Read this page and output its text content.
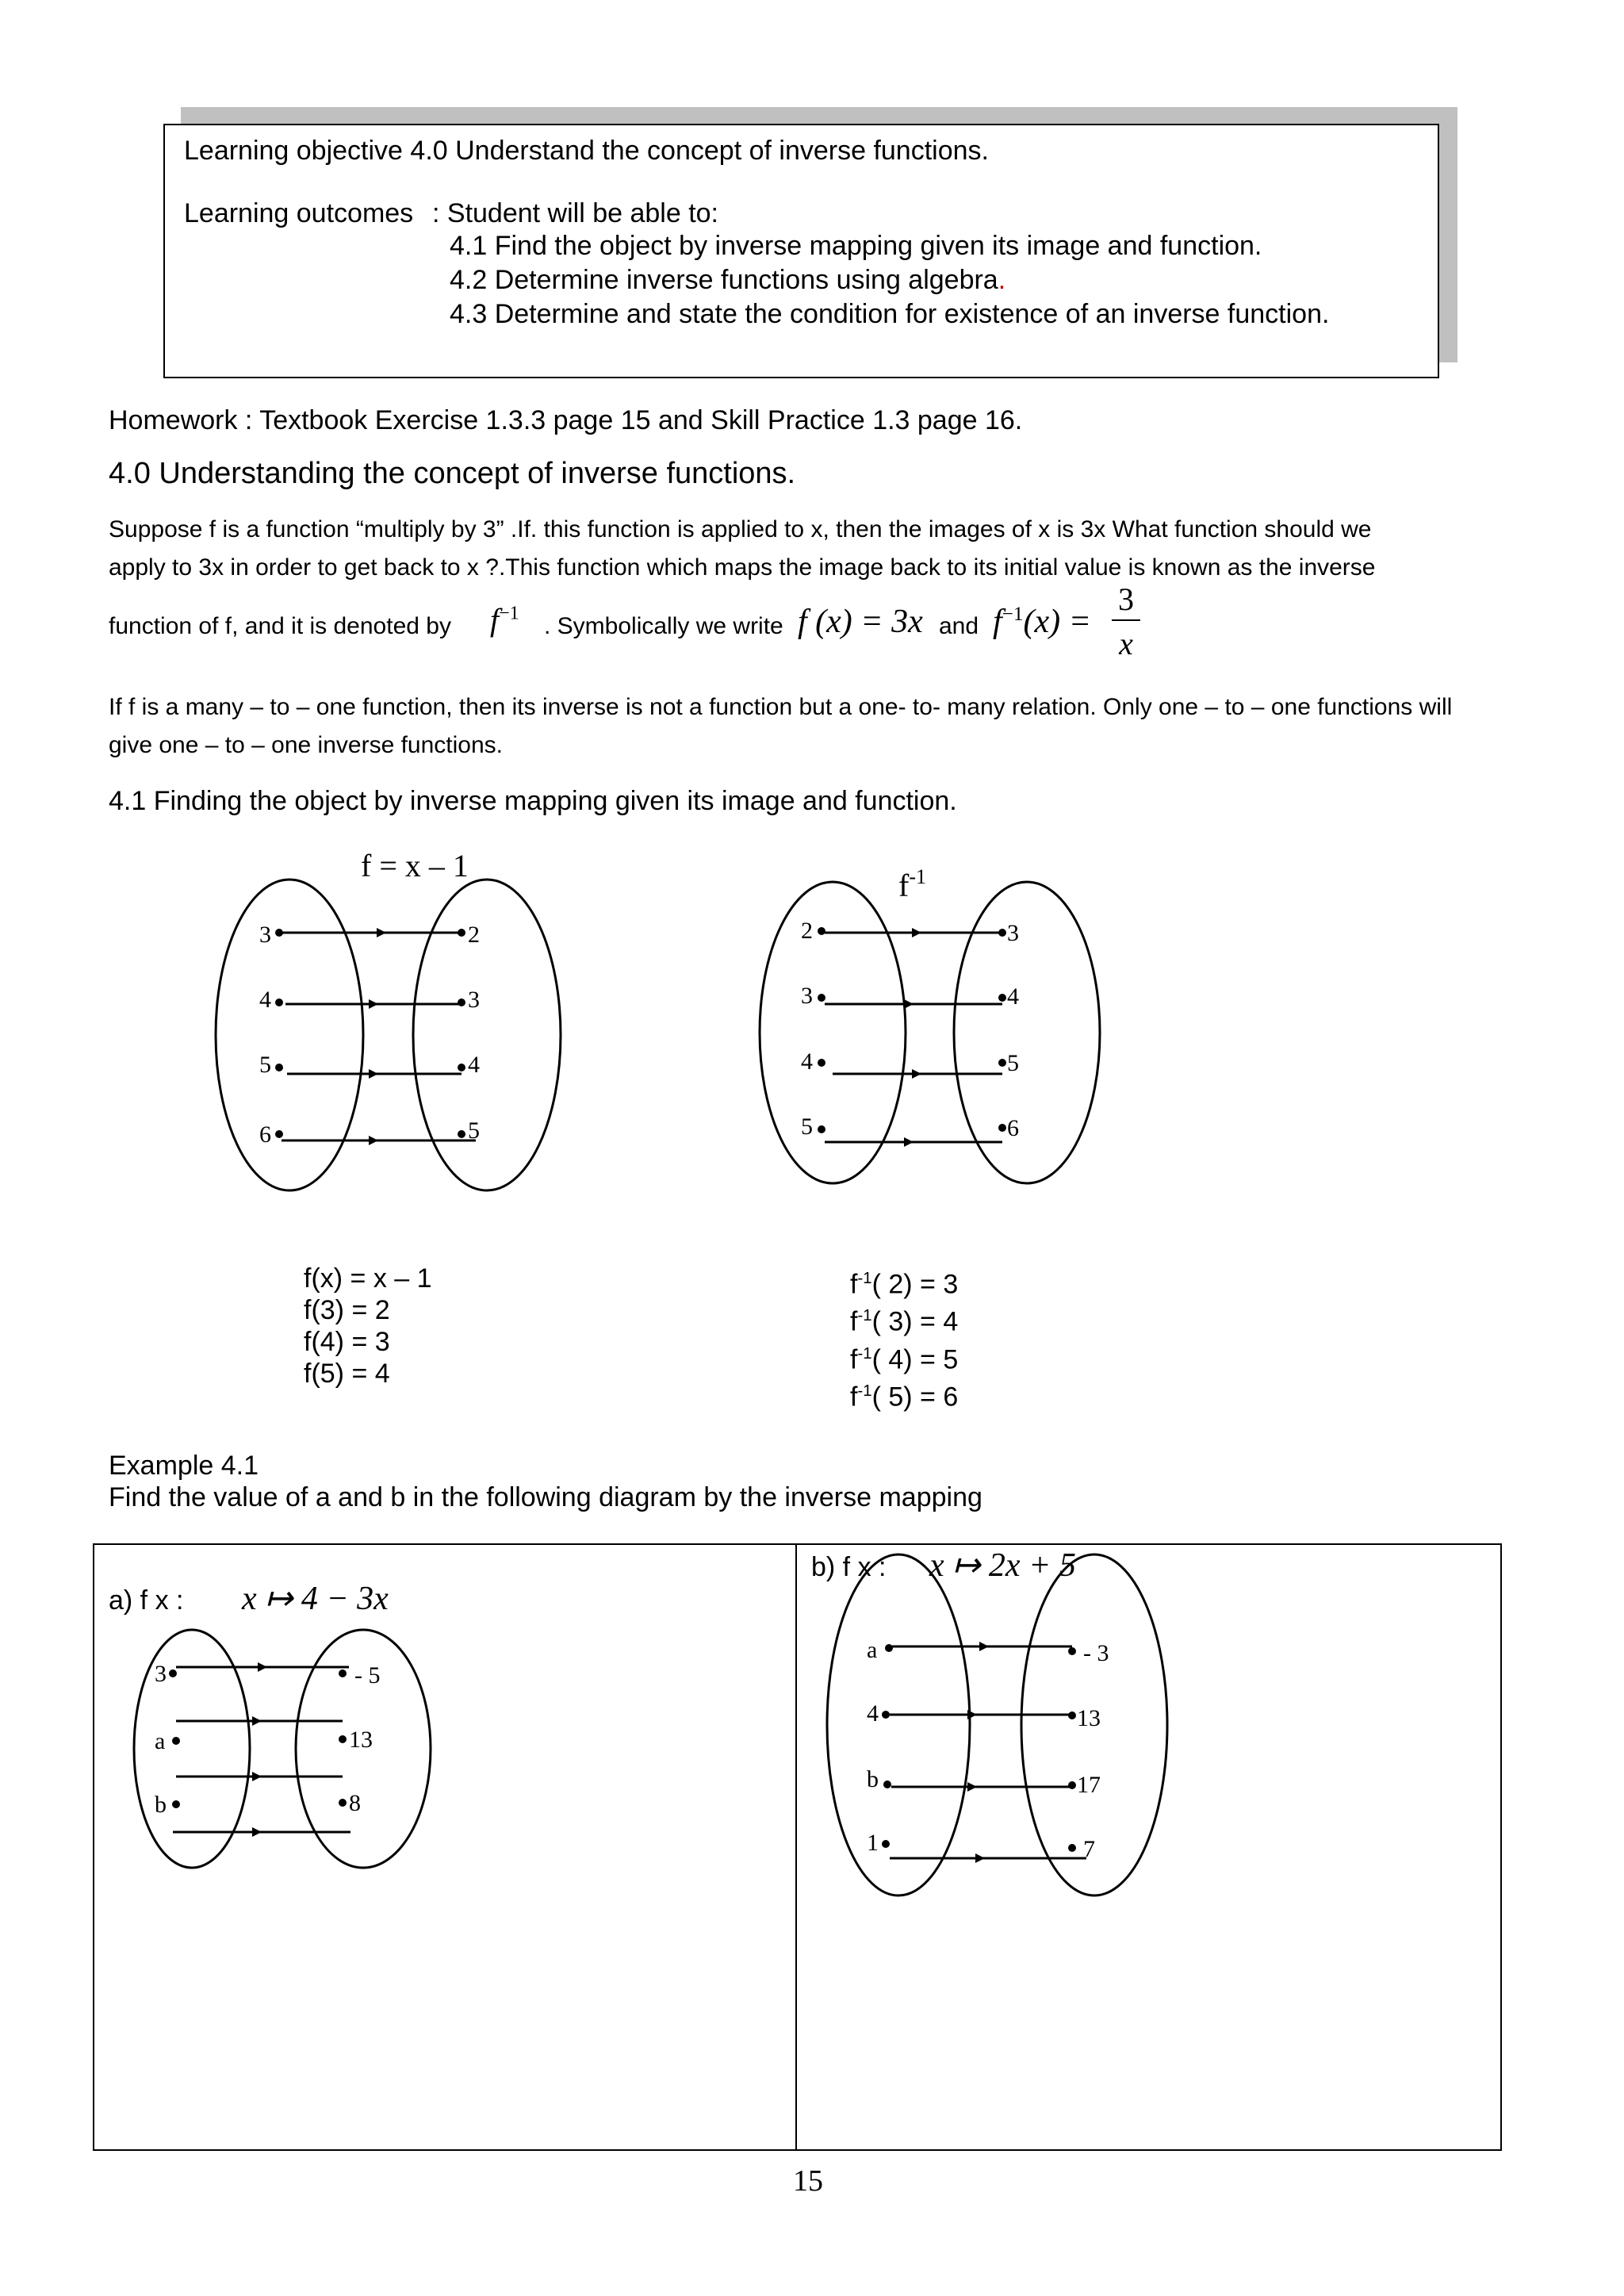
Learning objective 4.0 Understand the concept of inverse functions.
Learning outcomes : Student will be able to:
4.1 Find the object by inverse mapping given its image and function.
4.2 Determine inverse functions using algebra.
4.3 Determine and state the condition for existence of an inverse function.
Homework : Textbook Exercise 1.3.3 page 15 and Skill Practice 1.3 page 16.
4.0 Understanding the concept of inverse functions.
Suppose f is a function “multiply by 3” .If. this function is applied to x, then the images of x is 3x What function should we
apply to 3x in order to get back to x ?.This function which maps the image back to its initial value is known as the inverse
function of f, and it is denoted by $f^{-1}$ . Symbolically we write f (x) = 3x and $f^{-1}(x)$ =
3
x
If f is a many – to – one function, then its inverse is not a function but a one- to- many relation. Only one – to – one functions will
give one – to – one inverse functions.
4.1 Finding the object by inverse mapping given its image and function.
f = x – 1
3
4
5
6
2
3
4
5
$f^{-1}$
2
3
4
5
3
4
5
6
3
a
b
- 5
13
8
a
4
b
1
- 3
13
17
7
f(x) = x – 1
f(3) = 2
f(4) = 3
f(5) = 4
$f^{-1}$( 2) = 3
$f^{-1}$( 3) = 4
$f^{-1}$( 4) = 5
$f^{-1}$( 5) = 6
Example 4.1
Find the value of a and b in the following diagram by the inverse mapping
a) f x : x ↦ 4 − 3x
b) f x : x ↦ 2x + 5
15
